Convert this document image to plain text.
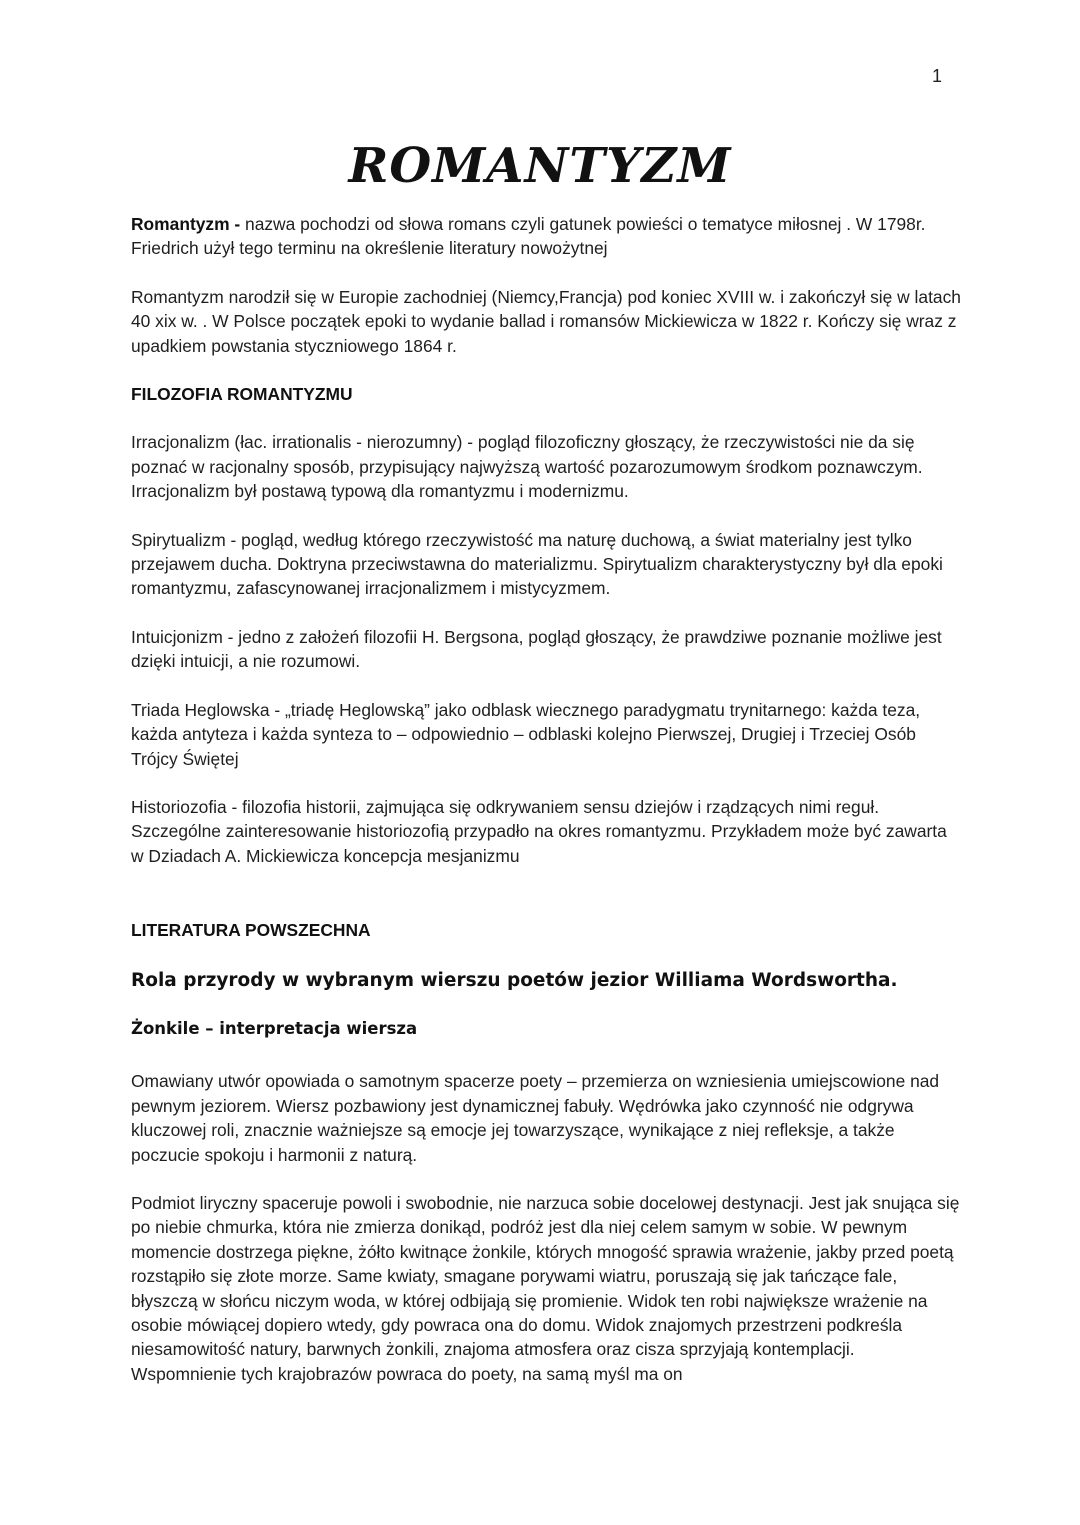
1
ROMANTYZM

Romantyzm - nazwa pochodzi od słowa romans czyli gatunek powieści o tematyce miłosnej . W 1798r. Friedrich użył tego terminu na określenie literatury nowożytnej

Romantyzm narodził się w Europie zachodniej (Niemcy,Francja) pod koniec XVIII w. i zakończył się w latach 40 xix w. . W Polsce początek epoki to wydanie ballad i romansów Mickiewicza w 1822 r. Kończy się wraz z upadkiem powstania styczniowego 1864 r.

FILOZOFIA ROMANTYZMU

Irracjonalizm (łac. irrationalis - nierozumny) - pogląd filozoficzny głoszący, że rzeczywistości nie da się poznać w racjonalny sposób, przypisujący najwyższą wartość pozarozumowym środkom poznawczym. Irracjonalizm był postawą typową dla romantyzmu i modernizmu.

Spirytualizm - pogląd, według którego rzeczywistość ma naturę duchową, a świat materialny jest tylko przejawem ducha. Doktryna przeciwstawna do materializmu. Spirytualizm charakterystyczny był dla epoki romantyzmu, zafascynowanej irracjonalizmem i mistycyzmem.

Intuicjonizm - jedno z założeń filozofii H. Bergsona, pogląd głoszący, że prawdziwe poznanie możliwe jest dzięki intuicji, a nie rozumowi.

Triada Heglowska - „triadę Heglowską” jako odblask wiecznego paradygmatu trynitarnego: każda teza, każda antyteza i każda synteza to – odpowiednio – odblaski kolejno Pierwszej, Drugiej i Trzeciej Osób Trójcy Świętej

Historiozofia - filozofia historii, zajmująca się odkrywaniem sensu dziejów i rządzących nimi reguł. Szczególne zainteresowanie historiozofią przypadło na okres romantyzmu. Przykładem może być zawarta w Dziadach A. Mickiewicza koncepcja mesjanizmu

LITERATURA POWSZECHNA

Rola przyrody w wybranym wierszu poetów jezior Williama Wordswortha.

Żonkile – interpretacja wiersza

Omawiany utwór opowiada o samotnym spacerze poety – przemierza on wzniesienia umiejscowione nad pewnym jeziorem. Wiersz pozbawiony jest dynamicznej fabuły. Wędrówka jako czynność nie odgrywa kluczowej roli, znacznie ważniejsze są emocje jej towarzyszące, wynikające z niej refleksje, a także poczucie spokoju i harmonii z naturą.

Podmiot liryczny spaceruje powoli i swobodnie, nie narzuca sobie docelowej destynacji. Jest jak snująca się po niebie chmurka, która nie zmierza donikąd, podróż jest dla niej celem samym w sobie. W pewnym momencie dostrzega piękne, żółto kwitnące żonkile, których mnogość sprawia wrażenie, jakby przed poetą rozstąpiło się złote morze. Same kwiaty, smagane porywami wiatru, poruszają się jak tańczące fale, błyszczą w słońcu niczym woda, w której odbijają się promienie. Widok ten robi największe wrażenie na osobie mówiącej dopiero wtedy, gdy powraca ona do domu. Widok znajomych przestrzeni podkreśla niesamowitość natury, barwnych żonkili, znajoma atmosfera oraz cisza sprzyjają kontemplacji. Wspomnienie tych krajobrazów powraca do poety, na samą myśl ma on
